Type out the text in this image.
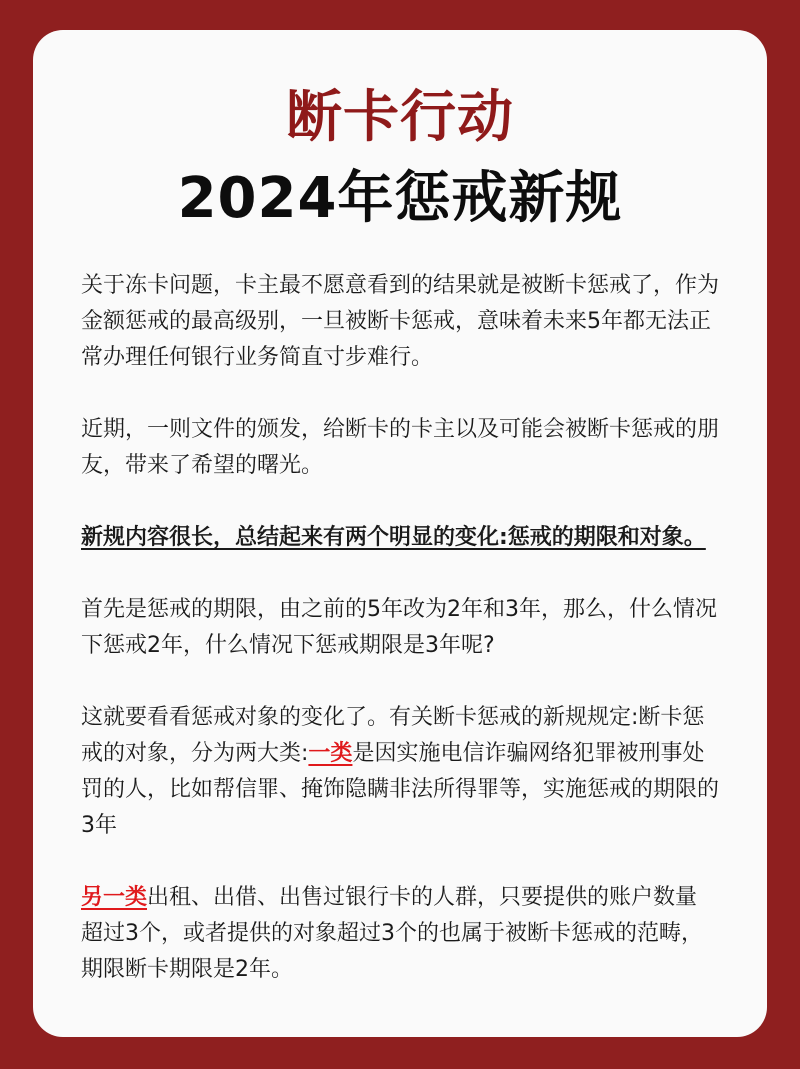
断卡行动
2024年惩戒新规

关于冻卡问题，卡主最不愿意看到的结果就是被断卡惩戒了，作为金额惩戒的最高级别，一旦被断卡惩戒，意味着未来5年都无法正常办理任何银行业务简直寸步难行。

近期，一则文件的颁发，给断卡的卡主以及可能会被断卡惩戒的朋友，带来了希望的曙光。

新规内容很长，总结起来有两个明显的变化:惩戒的期限和对象。

首先是惩戒的期限，由之前的5年改为2年和3年，那么，什么情况下惩戒2年，什么情况下惩戒期限是3年呢?

这就要看看惩戒对象的变化了。有关断卡惩戒的新规规定:断卡惩戒的对象，分为两大类:一类是因实施电信诈骗网络犯罪被刑事处罚的人，比如帮信罪、掩饰隐瞒非法所得罪等，实施惩戒的期限的3年

另一类出租、出借、出售过银行卡的人群，只要提供的账户数量超过3个，或者提供的对象超过3个的也属于被断卡惩戒的范畴，期限断卡期限是2年。
